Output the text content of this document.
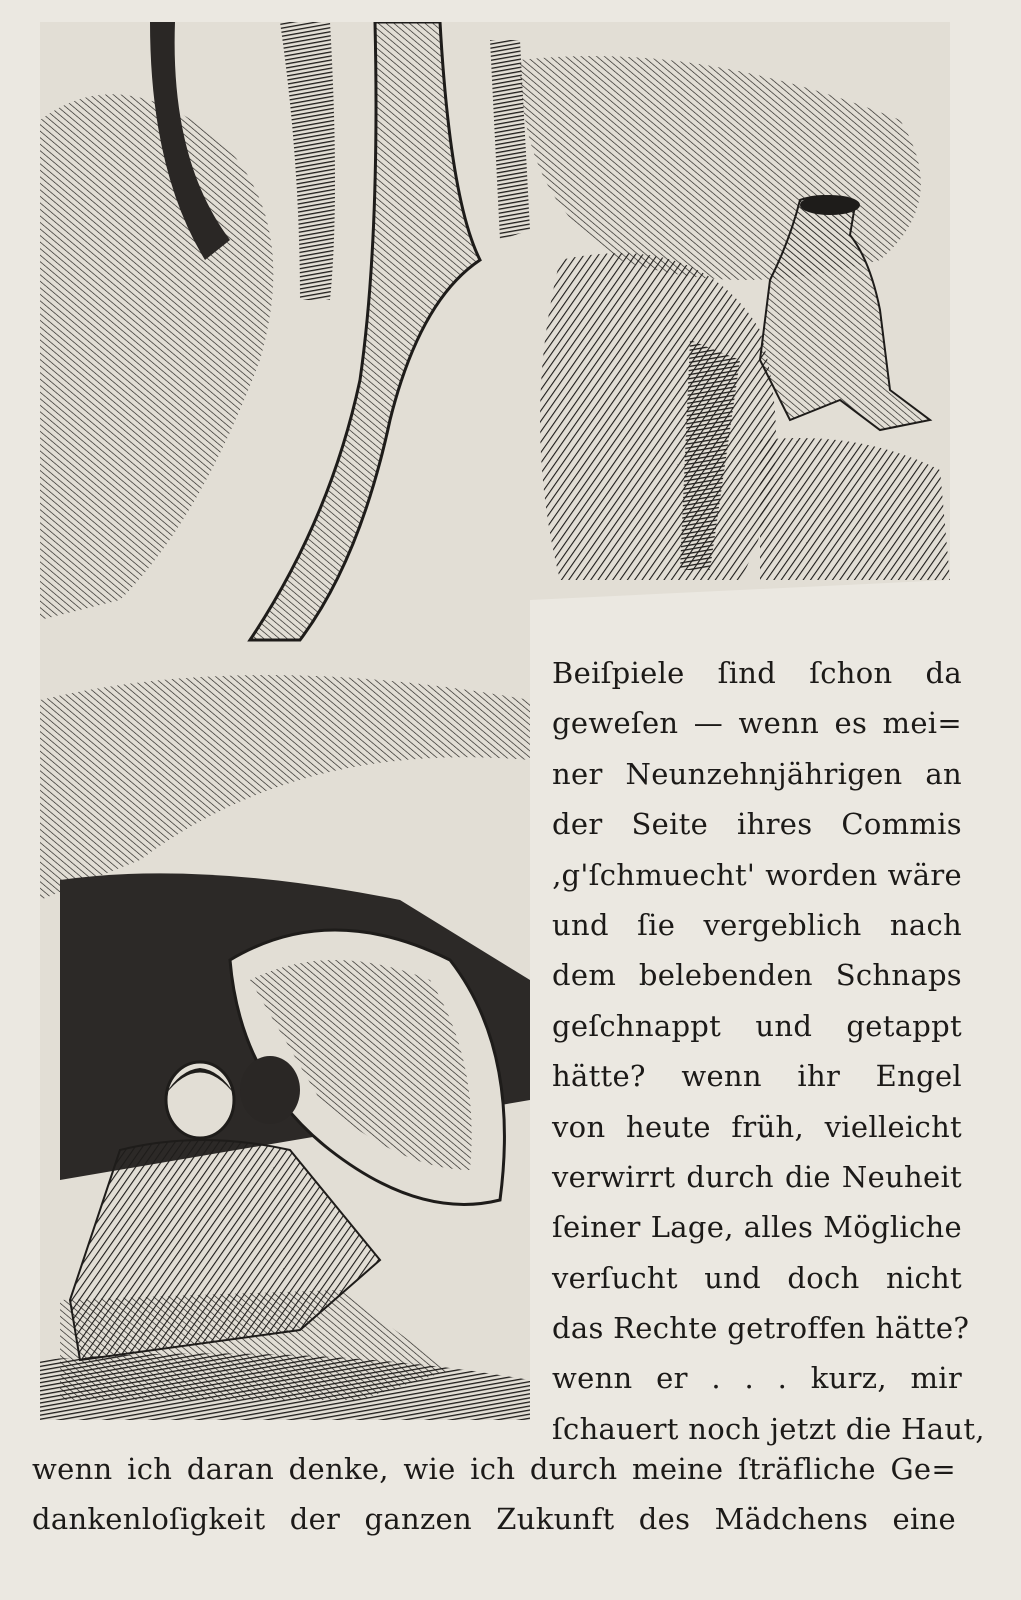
Beiſpiele ſind ſchon da
geweſen — wenn es mei=
ner Neunzehnjährigen an
der Seite ihres Commis
‚g'ſchmuecht' worden wäre
und ſie vergeblich nach
dem belebenden Schnaps
geſchnappt und getappt
hätte? wenn ihr Engel
von heute früh, vielleicht
verwirrt durch die Neuheit
ſeiner Lage, alles Mögliche
verſucht und doch nicht
das Rechte getroffen hätte?
wenn er . . . kurz, mir
ſchauert noch jetzt die Haut,
wenn ich daran denke, wie ich durch meine ſträfliche Ge=
dankenloſigkeit der ganzen Zukunft des Mädchens eine
